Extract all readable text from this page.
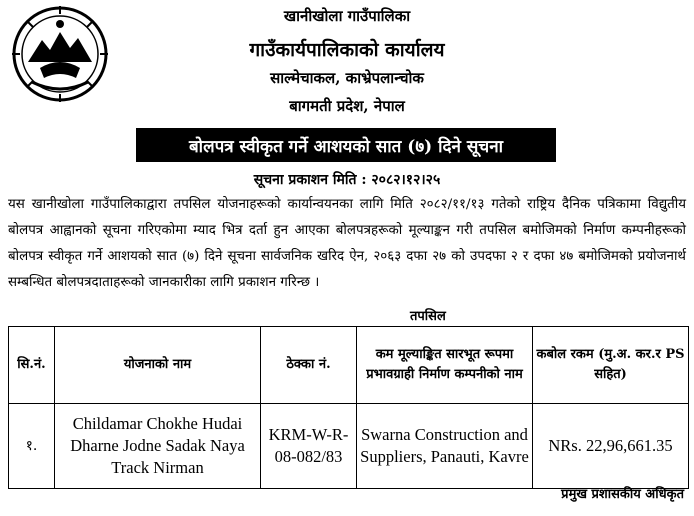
खानीखोला गाउँपालिका
गाउँकार्यपालिकाको कार्यालय
साल्मेचाकल, काभ्रेपलान्चोक
बागमती प्रदेश, नेपाल
बोलपत्र स्वीकृत गर्ने आशयको सात (७) दिने सूचना
सूचना प्रकाशन मिति : २०८२।१२।२५
यस खानीखोला गाउँपालिकाद्वारा तपसिल योजनाहरूको कार्यान्वयनका लागि मिति २०८२/११/१३ गतेको राष्ट्रिय दैनिक पत्रिकामा विद्युतीय बोलपत्र आह्वानको सूचना गरिएकोमा म्याद भित्र दर्ता हुन आएका बोलपत्रहरूको मूल्याङ्कन गरी तपसिल बमोजिमको निर्माण कम्पनीहरूको बोलपत्र स्वीकृत गर्ने आशयको सात (७) दिने सूचना सार्वजनिक खरिद ऐन, २०६३ दफा २७ को उपदफा २ र दफा ४७ बमोजिमको प्रयोजनार्थ सम्बन्धित बोलपत्रदाताहरूको जानकारीका लागि प्रकाशन गरिन्छ ।
तपसिल
सि.नं.	योजनाको नाम	ठेक्का नं.	कम मूल्याङ्कित सारभूत रूपमा प्रभावग्राही निर्माण कम्पनीको नाम	कबोल रकम (मु.अ. कर.र PS सहित)
१.	Childamar Chokhe Hudai Dharne Jodne Sadak Naya Track Nirman	KRM-W-R-08-082/83	Swarna Construction and Suppliers, Panauti, Kavre	NRs. 22,96,661.35
प्रमुख प्रशासकीय अधिकृत
